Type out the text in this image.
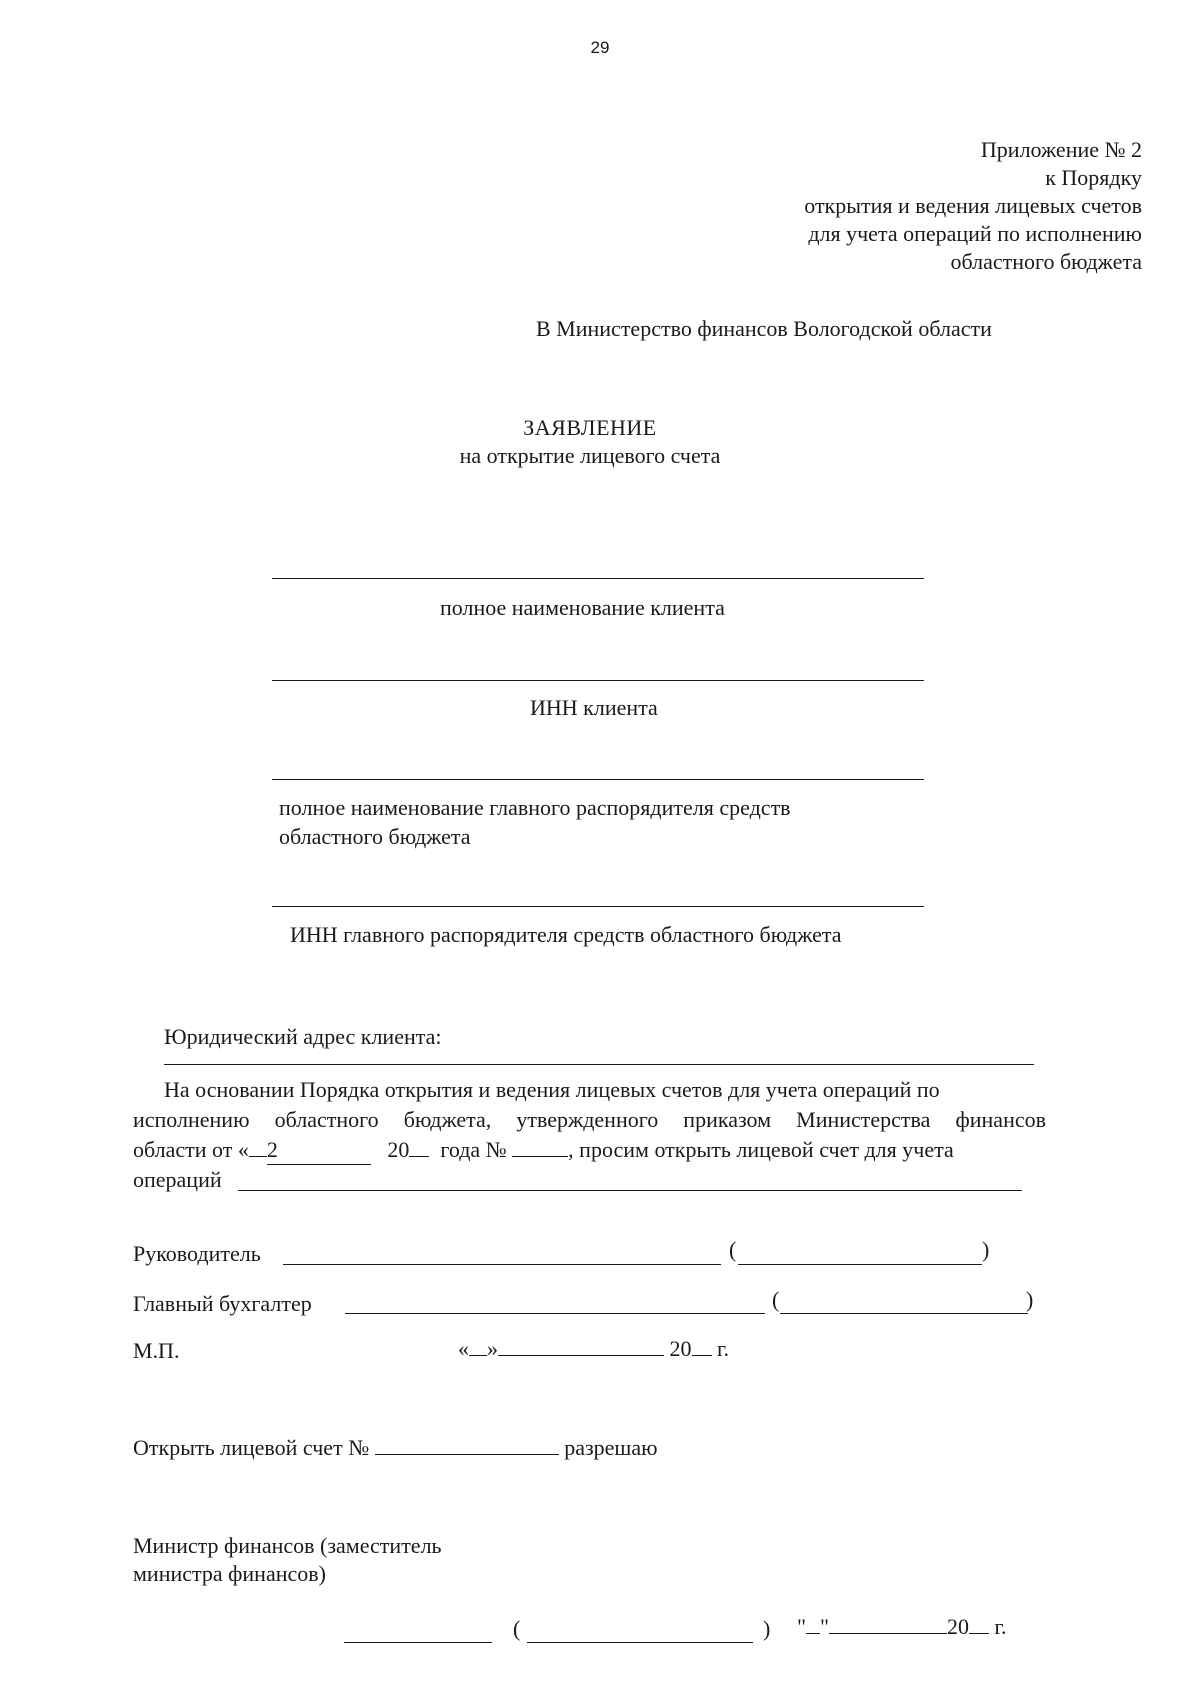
29
Приложение № 2
к Порядку
открытия и ведения лицевых счетов
для учета операций по исполнению
областного бюджета
В Министерство финансов Вологодской области
ЗАЯВЛЕНИЕ
на открытие лицевого счета
полное наименование клиента
ИНН клиента
полное наименование главного распорядителя средств
областного бюджета
ИНН главного распорядителя средств областного бюджета
Юридический адрес клиента:
На основании Порядка открытия и ведения лицевых счетов для учета операций по
исполнению областного бюджета, утвержденного приказом Министерства финансов
области от « 2	20 года №	, просим открыть лицевой счет для учета
операций
Руководитель	(	)
Главный бухгалтер	(	)
М.П.	« »	20 г.
Открыть лицевой счет №	разрешаю
Министр финансов (заместитель
министра финансов)
(	) " "	20 г.
